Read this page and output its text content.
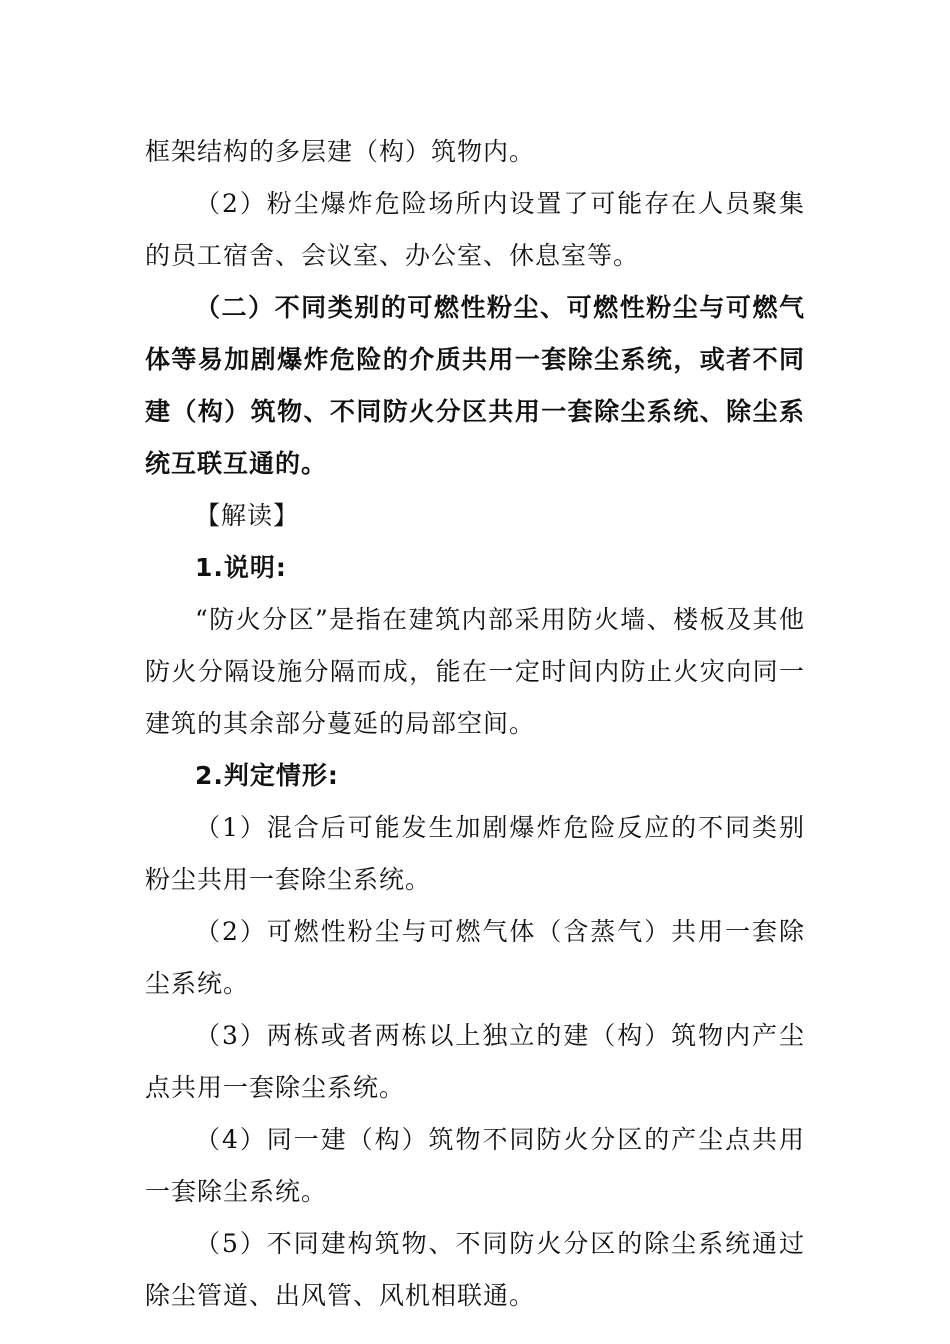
框架结构的多层建（构）筑物内。

（2）粉尘爆炸危险场所内设置了可能存在人员聚集的员工宿舍、会议室、办公室、休息室等。

（二）不同类别的可燃性粉尘、可燃性粉尘与可燃气体等易加剧爆炸危险的介质共用一套除尘系统，或者不同建（构）筑物、不同防火分区共用一套除尘系统、除尘系统互联互通的。

【解读】

1.说明:

“防火分区”是指在建筑内部采用防火墙、楼板及其他防火分隔设施分隔而成，能在一定时间内防止火灾向同一建筑的其余部分蔓延的局部空间。

2.判定情形:

（1）混合后可能发生加剧爆炸危险反应的不同类别粉尘共用一套除尘系统。

（2）可燃性粉尘与可燃气体（含蒸气）共用一套除尘系统。

（3）两栋或者两栋以上独立的建（构）筑物内产尘点共用一套除尘系统。

（4）同一建（构）筑物不同防火分区的产尘点共用一套除尘系统。

（5）不同建构筑物、不同防火分区的除尘系统通过除尘管道、出风管、风机相联通。
